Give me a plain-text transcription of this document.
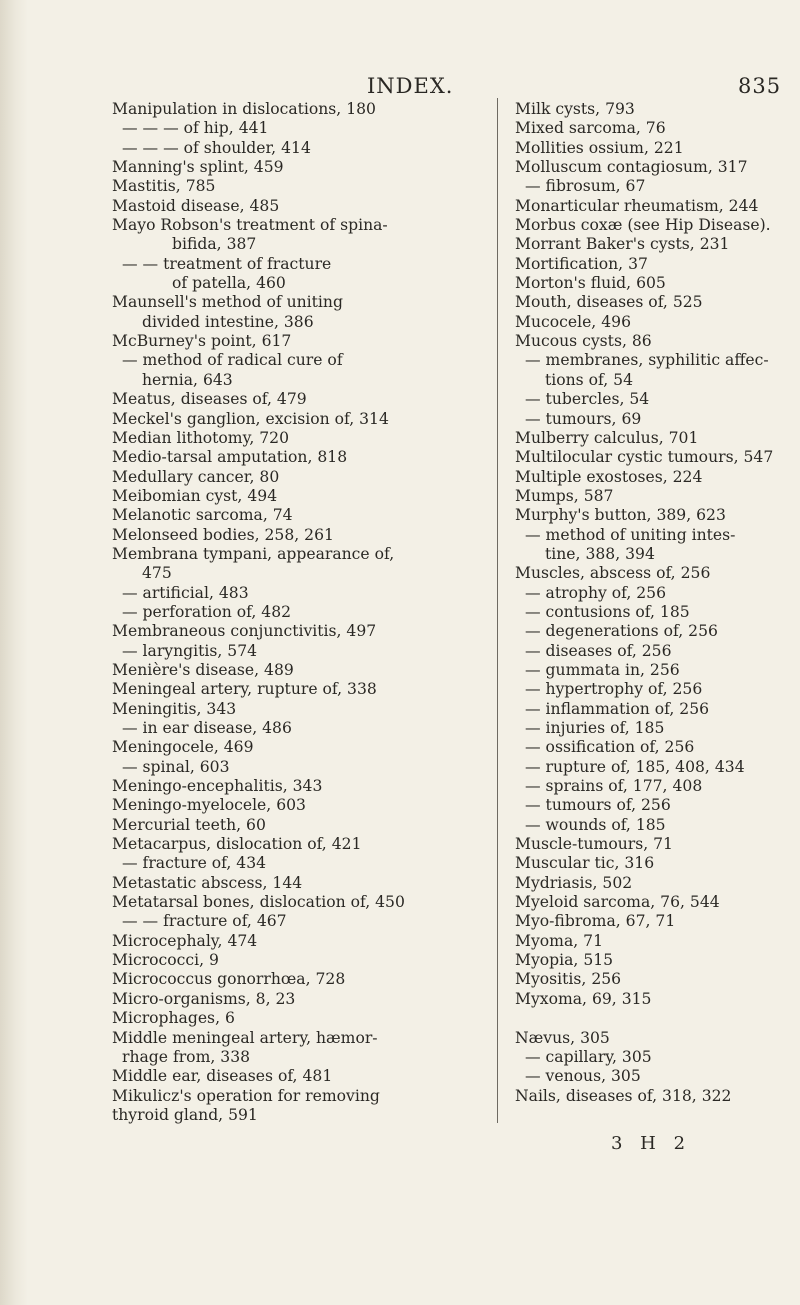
INDEX.	835
Manipulation in dislocations, 180
— — — of hip, 441
— — — of shoulder, 414
Manning's splint, 459
Mastitis, 785
Mastoid disease, 485
Mayo Robson's treatment of spina-
bifida, 387
— — treatment of fracture
of patella, 460
Maunsell's method of uniting
divided intestine, 386
McBurney's point, 617
— method of radical cure of
hernia, 643
Meatus, diseases of, 479
Meckel's ganglion, excision of, 314
Median lithotomy, 720
Medio-tarsal amputation, 818
Medullary cancer, 80
Meibomian cyst, 494
Melanotic sarcoma, 74
Melonseed bodies, 258, 261
Membrana tympani, appearance of,
475
— artificial, 483
— perforation of, 482
Membraneous conjunctivitis, 497
— laryngitis, 574
Menière's disease, 489
Meningeal artery, rupture of, 338
Meningitis, 343
— in ear disease, 486
Meningocele, 469
— spinal, 603
Meningo-encephalitis, 343
Meningo-myelocele, 603
Mercurial teeth, 60
Metacarpus, dislocation of, 421
— fracture of, 434
Metastatic abscess, 144
Metatarsal bones, dislocation of, 450
— — fracture of, 467
Microcephaly, 474
Micrococci, 9
Micrococcus gonorrhœa, 728
Micro-organisms, 8, 23
Microphages, 6
Middle meningeal artery, hæmor-
rhage from, 338
Middle ear, diseases of, 481
Mikulicz's operation for removing
thyroid gland, 591
Milk cysts, 793
Mixed sarcoma, 76
Mollities ossium, 221
Molluscum contagiosum, 317
— fibrosum, 67
Monarticular rheumatism, 244
Morbus coxæ (see Hip Disease).
Morrant Baker's cysts, 231
Mortification, 37
Morton's fluid, 605
Mouth, diseases of, 525
Mucocele, 496
Mucous cysts, 86
— membranes, syphilitic affec-
tions of, 54
— tubercles, 54
— tumours, 69
Mulberry calculus, 701
Multilocular cystic tumours, 547
Multiple exostoses, 224
Mumps, 587
Murphy's button, 389, 623
— method of uniting intes-
tine, 388, 394
Muscles, abscess of, 256
— atrophy of, 256
— contusions of, 185
— degenerations of, 256
— diseases of, 256
— gummata in, 256
— hypertrophy of, 256
— inflammation of, 256
— injuries of, 185
— ossification of, 256
— rupture of, 185, 408, 434
— sprains of, 177, 408
— tumours of, 256
— wounds of, 185
Muscle-tumours, 71
Muscular tic, 316
Mydriasis, 502
Myeloid sarcoma, 76, 544
Myo-fibroma, 67, 71
Myoma, 71
Myopia, 515
Myositis, 256
Myxoma, 69, 315
Nævus, 305
— capillary, 305
— venous, 305
Nails, diseases of, 318, 322
3 H 2
